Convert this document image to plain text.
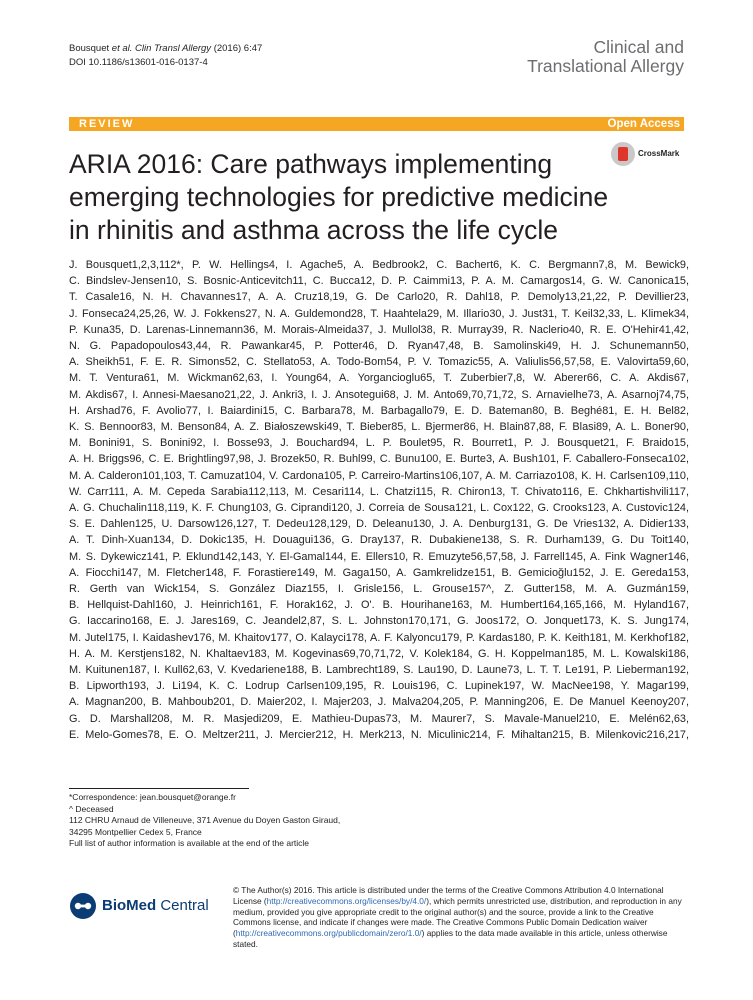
Bousquet et al. Clin Transl Allergy (2016) 6:47
DOI 10.1186/s13601-016-0137-4
Clinical and
Translational Allergy
REVIEW	Open Access
CrossMark
ARIA 2016: Care pathways implementing emerging technologies for predictive medicine in rhinitis and asthma across the life cycle
J. Bousquet1,2,3,112*, P. W. Hellings4, I. Agache5, A. Bedbrook2, C. Bachert6, K. C. Bergmann7,8, M. Bewick9,
C. Bindslev-Jensen10, S. Bosnic-Anticevitch11, C. Bucca12, D. P. Caimmi13, P. A. M. Camargos14, G. W. Canonica15,
T. Casale16, N. H. Chavannes17, A. A. Cruz18,19, G. De Carlo20, R. Dahl18, P. Demoly13,21,22, P. Devillier23,
J. Fonseca24,25,26, W. J. Fokkens27, N. A. Guldemond28, T. Haahtela29, M. Illario30, J. Just31, T. Keil32,33, L. Klimek34,
P. Kuna35, D. Larenas-Linnemann36, M. Morais-Almeida37, J. Mullol38, R. Murray39, R. Naclerio40, R. E. O'Hehir41,42,
N. G. Papadopoulos43,44, R. Pawankar45, P. Potter46, D. Ryan47,48, B. Samolinski49, H. J. Schunemann50,
A. Sheikh51, F. E. R. Simons52, C. Stellato53, A. Todo-Bom54, P. V. Tomazic55, A. Valiulis56,57,58, E. Valovirta59,60,
M. T. Ventura61, M. Wickman62,63, I. Young64, A. Yorgancioglu65, T. Zuberbier7,8, W. Aberer66, C. A. Akdis67,
M. Akdis67, I. Annesi-Maesano21,22, J. Ankri3, I. J. Ansotegui68, J. M. Anto69,70,71,72, S. Arnavielhe73, A. Asarnoj74,75,
H. Arshad76, F. Avolio77, I. Baiardini15, C. Barbara78, M. Barbagallo79, E. D. Bateman80, B. Beghé81, E. H. Bel82,
K. S. Bennoor83, M. Benson84, A. Z. Białoszewski49, T. Bieber85, L. Bjermer86, H. Blain87,88, F. Blasi89, A. L. Boner90,
M. Bonini91, S. Bonini92, I. Bosse93, J. Bouchard94, L. P. Boulet95, R. Bourret1, P. J. Bousquet21, F. Braido15,
A. H. Briggs96, C. E. Brightling97,98, J. Brozek50, R. Buhl99, C. Bunu100, E. Burte3, A. Bush101, F. Caballero-Fonseca102,
M. A. Calderon101,103, T. Camuzat104, V. Cardona105, P. Carreiro-Martins106,107, A. M. Carriazo108, K. H. Carlsen109,110,
W. Carr111, A. M. Cepeda Sarabia112,113, M. Cesari114, L. Chatzi115, R. Chiron13, T. Chivato116, E. Chkhartishvili117,
A. G. Chuchalin118,119, K. F. Chung103, G. Ciprandi120, J. Correia de Sousa121, L. Cox122, G. Crooks123, A. Custovic124,
S. E. Dahlen125, U. Darsow126,127, T. Dedeu128,129, D. Deleanu130, J. A. Denburg131, G. De Vries132, A. Didier133,
A. T. Dinh-Xuan134, D. Dokic135, H. Douagui136, G. Dray137, R. Dubakiene138, S. R. Durham139, G. Du Toit140,
M. S. Dykewicz141, P. Eklund142,143, Y. El-Gamal144, E. Ellers10, R. Emuzyte56,57,58, J. Farrell145, A. Fink Wagner146,
A. Fiocchi147, M. Fletcher148, F. Forastiere149, M. Gaga150, A. Gamkrelidze151, B. Gemicioğlu152, J. E. Gereda153,
R. Gerth van Wick154, S. González Diaz155, I. Grisle156, L. Grouse157^, Z. Gutter158, M. A. Guzmán159,
B. Hellquist-Dahl160, J. Heinrich161, F. Horak162, J. O'. B. Hourihane163, M. Humbert164,165,166, M. Hyland167,
G. Iaccarino168, E. J. Jares169, C. Jeandel2,87, S. L. Johnston170,171, G. Joos172, O. Jonquet173, K. S. Jung174,
M. Jutel175, I. Kaidashev176, M. Khaitov177, O. Kalayci178, A. F. Kalyoncu179, P. Kardas180, P. K. Keith181, M. Kerkhof182,
H. A. M. Kerstjens182, N. Khaltaev183, M. Kogevinas69,70,71,72, V. Kolek184, G. H. Koppelman185, M. L. Kowalski186,
M. Kuitunen187, I. Kull62,63, V. Kvedariene188, B. Lambrecht189, S. Lau190, D. Laune73, L. T. T. Le191, P. Lieberman192,
B. Lipworth193, J. Li194, K. C. Lodrup Carlsen109,195, R. Louis196, C. Lupinek197, W. MacNee198, Y. Magar199,
A. Magnan200, B. Mahboub201, D. Maier202, I. Majer203, J. Malva204,205, P. Manning206, E. De Manuel Keenoy207,
G. D. Marshall208, M. R. Masjedi209, E. Mathieu-Dupas73, M. Maurer7, S. Mavale-Manuel210, E. Melén62,63,
E. Melo-Gomes78, E. O. Meltzer211, J. Mercier212, H. Merk213, N. Miculinic214, F. Mihaltan215, B. Milenkovic216,217,
*Correspondence: jean.bousquet@orange.fr
^ Deceased
112 CHRU Arnaud de Villeneuve, 371 Avenue du Doyen Gaston Giraud,
34295 Montpellier Cedex 5, France
Full list of author information is available at the end of the article
BioMed Central
© The Author(s) 2016. This article is distributed under the terms of the Creative Commons Attribution 4.0 International License (http://creativecommons.org/licenses/by/4.0/), which permits unrestricted use, distribution, and reproduction in any medium, provided you give appropriate credit to the original author(s) and the source, provide a link to the Creative Commons license, and indicate if changes were made. The Creative Commons Public Domain Dedication waiver (http://creativecommons.org/publicdomain/zero/1.0/) applies to the data made available in this article, unless otherwise stated.
